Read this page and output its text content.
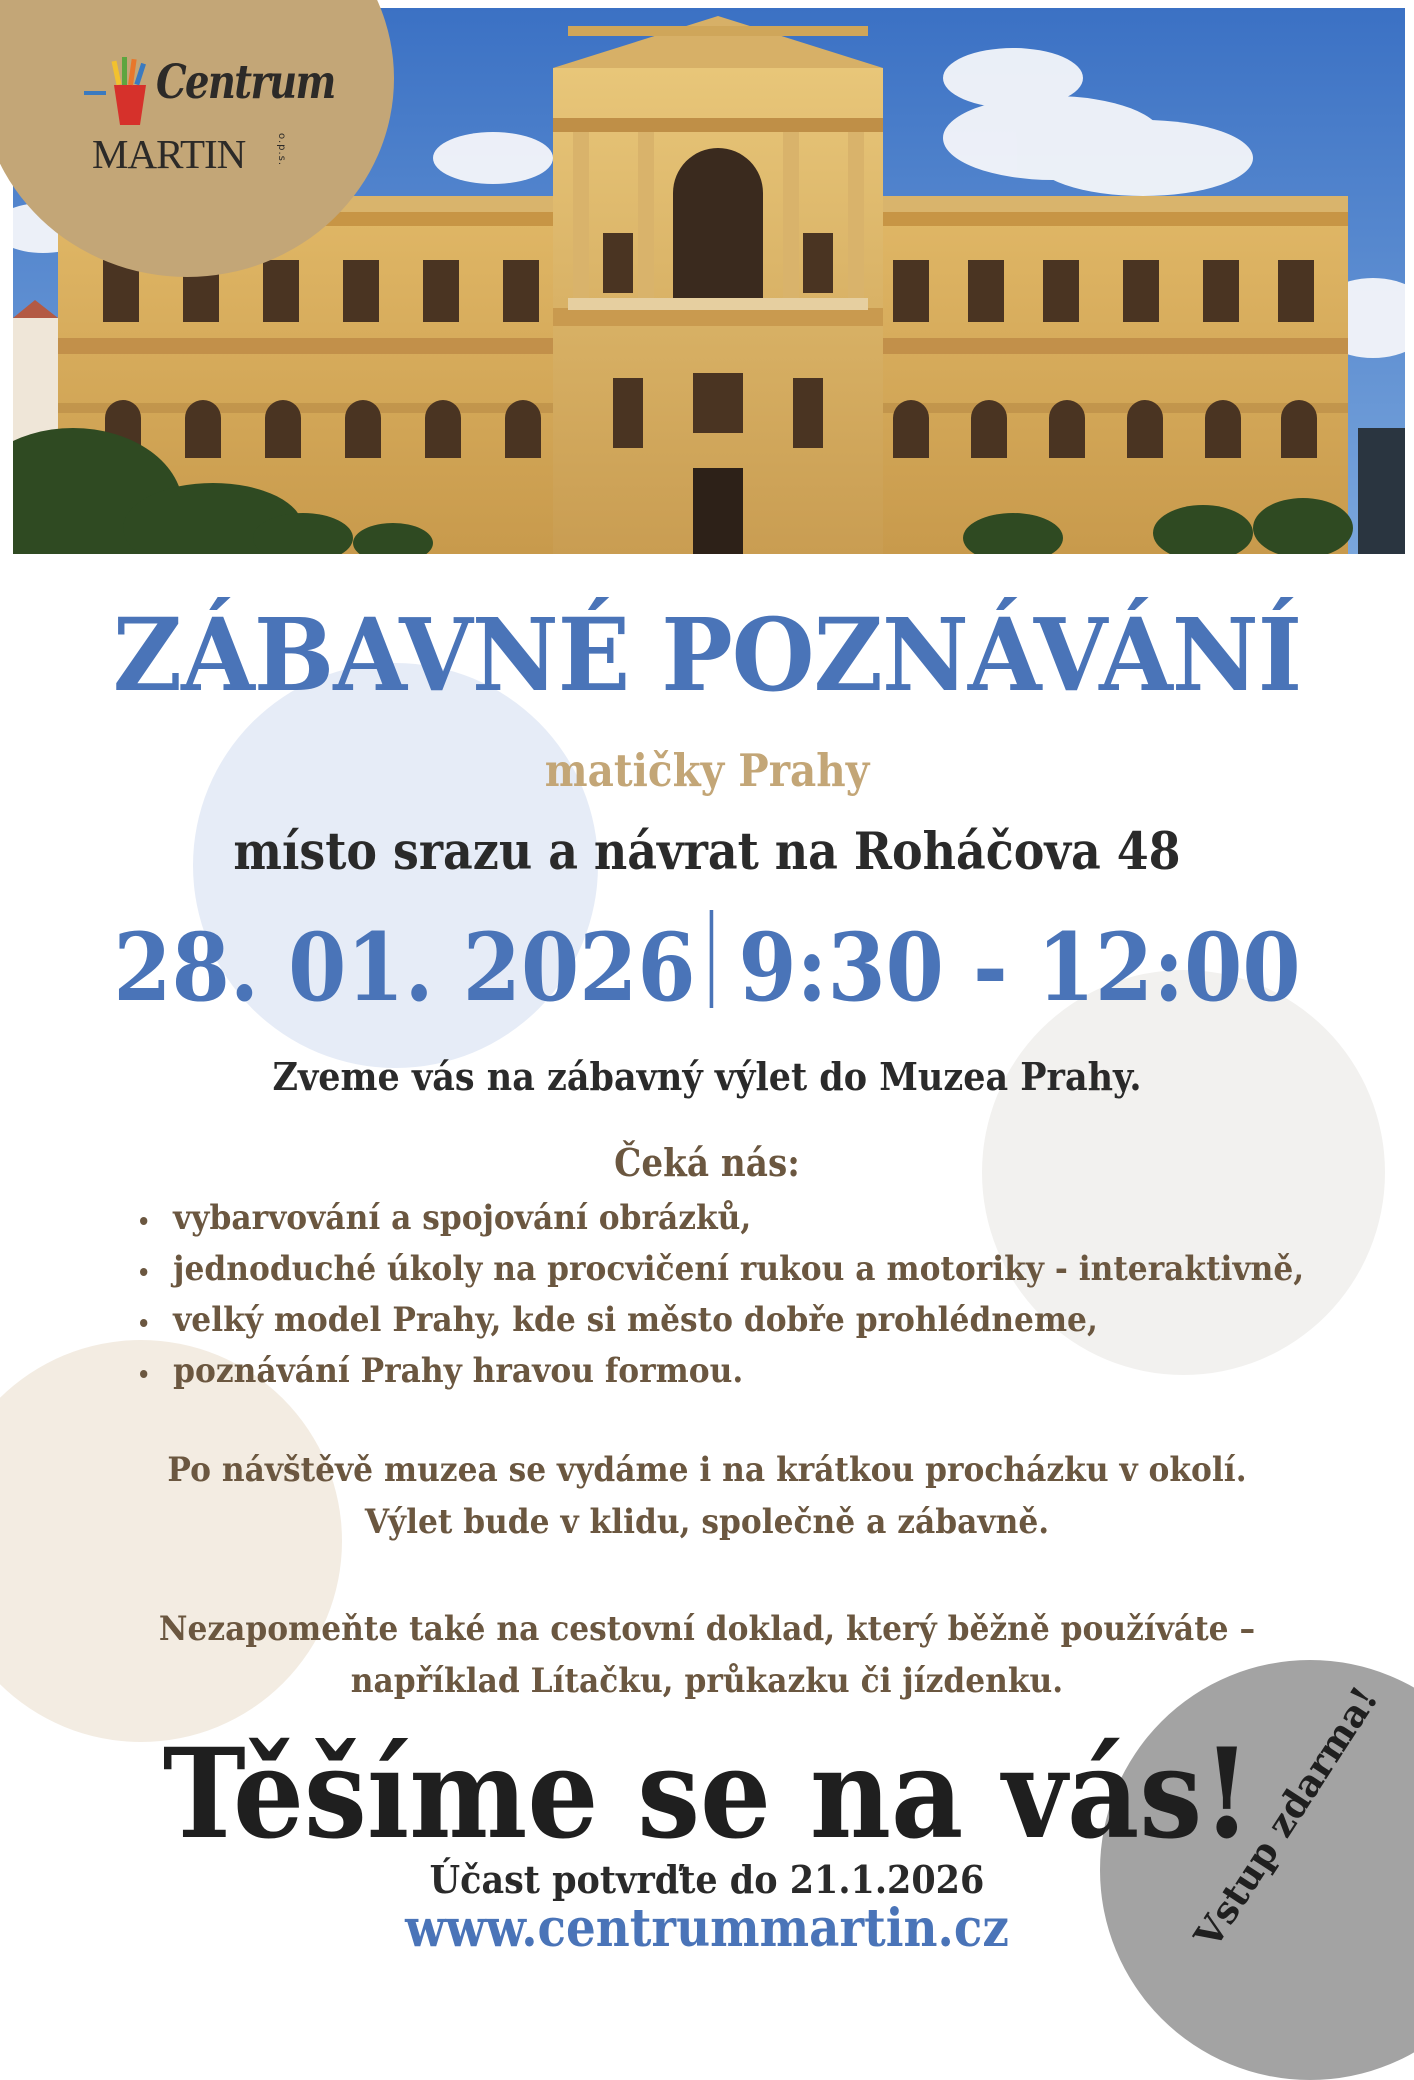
Centrum
MARTIN	o.p.s.
ZÁBAVNÉ POZNÁVÁNÍ
matičky Prahy
místo srazu a návrat na Roháčova 48
28. 01. 2026 9:30 - 12:00
Zveme vás na zábavný výlet do Muzea Prahy.
Čeká nás:
vybarvování a spojování obrázků,
jednoduché úkoly na procvičení rukou a motoriky - interaktivně,
velký model Prahy, kde si město dobře prohlédneme,
poznávání Prahy hravou formou.
Po návštěvě muzea se vydáme i na krátkou procházku v okolí.
Výlet bude v klidu, společně a zábavně.
Nezapomeňte také na cestovní doklad, který běžně používáte –
například Lítačku, průkazku či jízdenku.
Těšíme se na vás!
Účast potvrďte do 21.1.2026
www.centrummartin.cz	Vstup zdarma!
